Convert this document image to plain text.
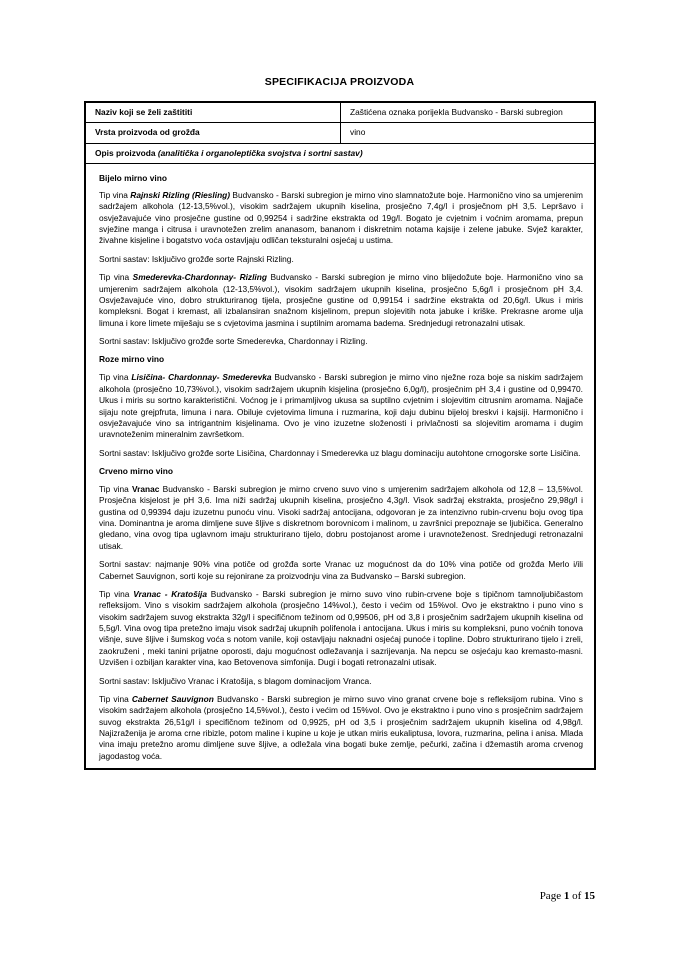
SPECIFIKACIJA PROIZVODA
Naziv koji se želi zaštititi	Zaštićena oznaka porijekla Budvansko - Barski subregion
Vrsta proizvoda od grožđa	vino
Opis proizvoda (analitička i organoleptička svojstva i sortni sastav)	

Bijelo mirno vino

Tip vina Rajnski Rizling (Riesling) Budvansko - Barski subregion je mirno vino slamnatožute boje. Harmonično vino sa umjerenim sadržajem alkohola (12-13,5%vol.), visokim sadržajem ukupnih kiselina, prosječno 7,4g/l i prosječnom pH 3,5. Lepršavo i osvježavajuće vino prosječne gustine od 0,99254 i sadržine ekstrakta od 19g/l. Bogato je cvjetnim i voćnim aromama, prepun svježine manga i citrusa i uravnotežen zrelim ananasom, bananom i diskretnim notama kajsije i zelene jabuke. Svjež karakter, živahne kisjeline i bogatstvo voća ostavljaju odličan teksturalni osjećaj u ustima.

Sortni sastav: Isključivo grožđe sorte Rajnski Rizling.

Tip vina Smederevka-Chardonnay- Rizling Budvansko - Barski subregion je mirno vino blijedožute boje. Harmonično vino sa umjerenim sadržajem alkohola (12-13,5%vol.), visokim sadržajem ukupnih kiselina, prosječno 5,6g/l i prosječnom pH 3,4. Osvježavajuće vino, dobro strukturiranog tijela, prosječne gustine od 0,99154 i sadržine ekstrakta od 20,6g/l. Ukus i miris kompleksni. Bogat i kremast, ali izbalansiran snažnom kisjelinom, prepun slojevitih nota jabuke i kriške. Prekrasne arome ulja limuna i kore limete miješaju se s cvjetovima jasmina i suptilnim aromama badema. Srednjedugi retronazalni utisak.

Sortni sastav: Isključivo grožđe sorte Smederevka, Chardonnay i Rizling.

Roze mirno vino

Tip vina Lisičina- Chardonnay- Smederevka Budvansko - Barski subregion je mirno vino nježne roza boje sa niskim sadržajem alkohola (prosječno 10,73%vol.), visokim sadržajem ukupnih kisjelina (prosječno 6,0g/l), prosječnim pH 3,4 i gustine od 0,99470. Ukus i miris su sortno karakteristični. Voćnog je i primamljivog ukusa sa suptilno cvjetnim i slojevitim citrusnim aromama. Najjače sijaju note grejpfruta, limuna i nara. Obiluje cvjetovima limuna i ruzmarina, koji daju dubinu bijeloj breskvi i kajsiji. Harmonično i osvježavajuće vino sa intrigantnim kisjelinama. Ovo je vino izuzetne složenosti i privlačnosti sa slojevitim aromama i dugim uravnoteženim mineralnim završetkom.

Sortni sastav: Isključivo grožđe sorte Lisičina, Chardonnay i Smederevka uz blagu dominaciju autohtone crnogorske sorte Lisičina.

Crveno mirno vino

Tip vina Vranac Budvansko - Barski subregion je mirno crveno suvo vino s umjerenim sadržajem alkohola od 12,8 – 13,5%vol. Prosječna kisjelost je pH 3,6. Ima niži sadržaj ukupnih kiselina, prosječno 4,3g/l. Visok sadržaj ekstrakta, prosječno 29,98g/l i gustina od 0,99394 daju izuzetnu punoću vinu. Visoki sadržaj antocijana, odgovoran je za intenzivno rubin-crvenu boju ovog tipa vina. Dominantna je aroma dimljene suve šljive s diskretnom borovnicom i malinom, u završnici prepoznaje se ljubičica. Generalno gledano, vina ovog tipa uglavnom imaju strukturirano tijelo, dobru postojanost arome i uravnoteženost. Srednjedugi retronazalni utisak.

Sortni sastav: najmanje 90% vina potiče od grožđa sorte Vranac uz mogućnost da do 10% vina potiče od grožđa Merlo i/ili Cabernet Sauvignon, sorti koje su rejonirane za proizvodnju vina za Budvansko – Barski subregion.

Tip vina Vranac - Kratošija Budvansko - Barski subregion je mirno suvo vino rubin-crvene boje s tipičnom tamnoljubičastom refleksijom. Vino s visokim sadržajem alkohola (prosječno 14%vol.), često i većim od 15%vol. Ovo je ekstraktno i puno vino s visokim sadržajem suvog ekstrakta 32g/l i specifičnom težinom od 0,99506, pH od 3,8 i prosječnim sadržajem ukupnih kiselina od 5,5g/l. Vina ovog tipa pretežno imaju visok sadržaj ukupnih polifenola i antocijana. Ukus i miris su kompleksni, puno voćnih tonova višnje, suve šljive i šumskog voća s notom vanile, koji ostavljaju naknadni osjećaj punoće i topline. Dobro strukturirano tijelo i zreli, zaokruženi , meki tanini prijatne oporosti, daju mogućnost odležavanja i sazrijevanja. Na nepcu se osjećaju kao kremasto-masni. Uzvišen i ozbiljan karakter vina, kao Betovenova simfonija. Dugi i bogati retronazalni utisak.

Sortni sastav: Isključivo Vranac i Kratošija, s blagom dominacijom Vranca.

Tip vina Cabernet Sauvignon Budvansko - Barski subregion je mirno suvo vino granat crvene boje s refleksijom rubina. Vino s visokim sadržajem alkohola (prosječno 14,5%vol.), često i većim od 15%vol. Ovo je ekstraktno i puno vino s prosječnim sadržajem suvog ekstrakta 26,51g/l i specifičnom težinom od 0,9925, pH od 3,5 i prosječnim sadržajem ukupnih kiselina od 4,98g/l. Najizraženija je aroma crne ribizle, potom maline i kupine u koje je utkan miris eukaliptusa, lovora, ruzmarina, pelina i anisa. Mlada vina imaju pretežno aromu dimljene suve šljive, a odležala vina bogati buke zemlje, pečurki, začina i džemastih aroma crvenog jagodastog voća.

Page 1 of 15
